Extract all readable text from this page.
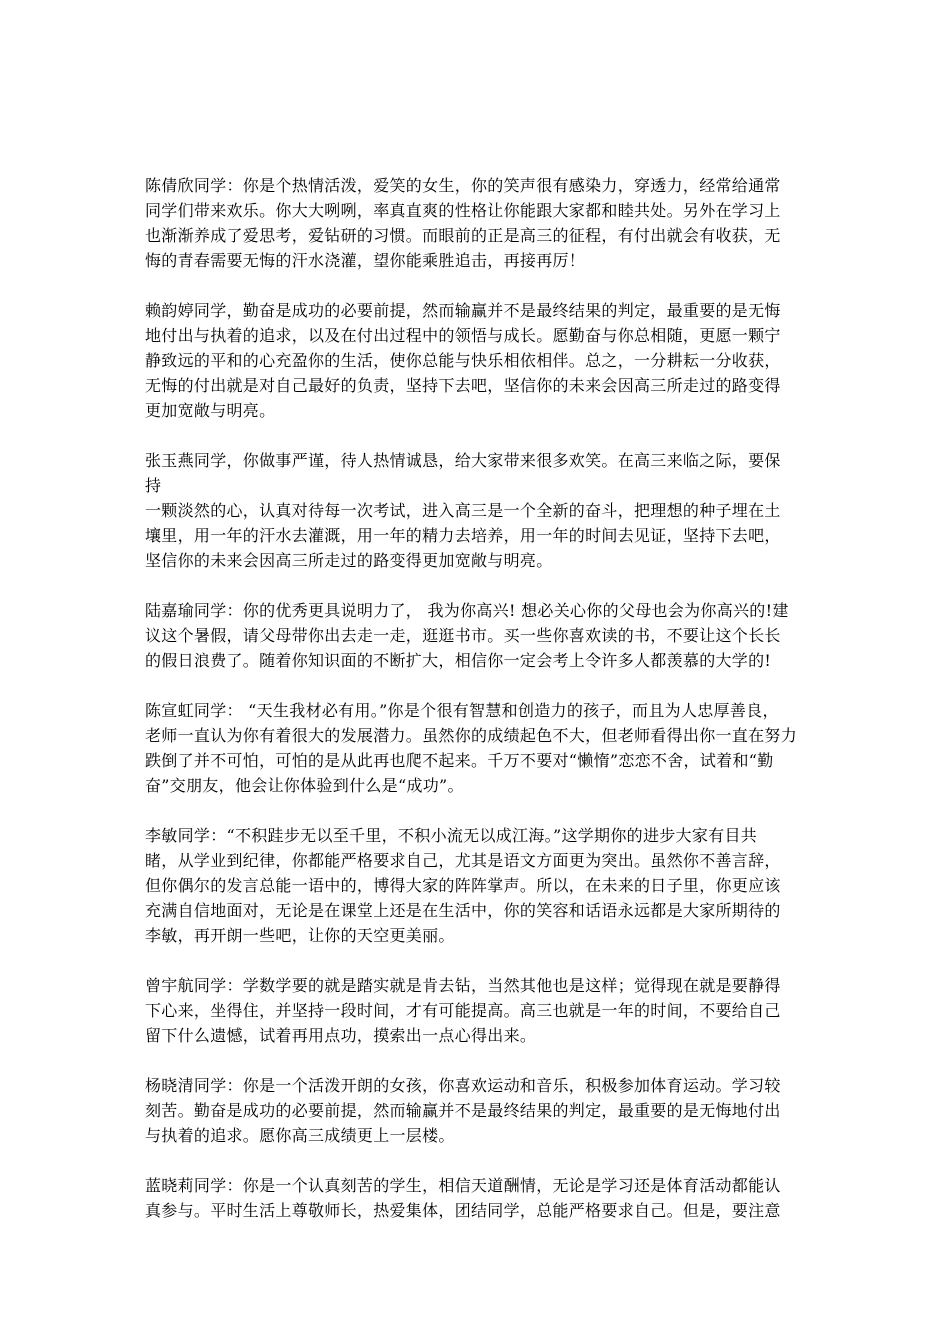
陈倩欣同学：你是个热情活泼，爱笑的女生，你的笑声很有感染力，穿透力，经常给通常
同学们带来欢乐。你大大咧咧，率真直爽的性格让你能跟大家都和睦共处。另外在学习上
也渐渐养成了爱思考，爱钻研的习惯。而眼前的正是高三的征程，有付出就会有收获，无
悔的青春需要无悔的汗水浇灌，望你能乘胜追击，再接再厉！
赖韵婷同学，勤奋是成功的必要前提，然而输赢并不是最终结果的判定，最重要的是无悔
地付出与执着的追求，以及在付出过程中的领悟与成长。愿勤奋与你总相随，更愿一颗宁
静致远的平和的心充盈你的生活，使你总能与快乐相依相伴。总之，一分耕耘一分收获，
无悔的付出就是对自己最好的负责，坚持下去吧，坚信你的未来会因高三所走过的路变得
更加宽敞与明亮。
张玉燕同学，你做事严谨，待人热情诚恳，给大家带来很多欢笑。在高三来临之际，要保
持
一颗淡然的心，认真对待每一次考试，进入高三是一个全新的奋斗，把理想的种子埋在土
壤里，用一年的汗水去灌溉，用一年的精力去培养，用一年的时间去见证，坚持下去吧，
坚信你的未来会因高三所走过的路变得更加宽敞与明亮。
陆嘉瑜同学：你的优秀更具说明力了， 我为你高兴! 想必关心你的父母也会为你高兴的!建
议这个暑假，请父母带你出去走一走，逛逛书市。买一些你喜欢读的书，不要让这个长长
的假日浪费了。随着你知识面的不断扩大，相信你一定会考上令许多人都羡慕的大学的!
陈宣虹同学： “天生我材必有用。”你是个很有智慧和创造力的孩子，而且为人忠厚善良，
老师一直认为你有着很大的发展潜力。虽然你的成绩起色不大，但老师看得出你一直在努力
跌倒了并不可怕，可怕的是从此再也爬不起来。千万不要对“懒惰”恋恋不舍，试着和“勤
奋”交朋友，他会让你体验到什么是“成功”。
李敏同学：“不积跬步无以至千里，不积小流无以成江海。”这学期你的进步大家有目共
睹，从学业到纪律，你都能严格要求自己，尤其是语文方面更为突出。虽然你不善言辞，
但你偶尔的发言总能一语中的，博得大家的阵阵掌声。所以，在未来的日子里，你更应该
充满自信地面对，无论是在课堂上还是在生活中，你的笑容和话语永远都是大家所期待的
李敏，再开朗一些吧，让你的天空更美丽。
曾宇航同学：学数学要的就是踏实就是肯去钻，当然其他也是这样；觉得现在就是要静得
下心来，坐得住，并坚持一段时间，才有可能提高。高三也就是一年的时间，不要给自己
留下什么遗憾，试着再用点功，摸索出一点心得出来。
杨晓清同学：你是一个活泼开朗的女孩，你喜欢运动和音乐，积极参加体育运动。学习较
刻苦。勤奋是成功的必要前提，然而输赢并不是最终结果的判定，最重要的是无悔地付出
与执着的追求。愿你高三成绩更上一层楼。
蓝晓莉同学：你是一个认真刻苦的学生，相信天道酬情，无论是学习还是体育活动都能认
真参与。平时生活上尊敬师长，热爱集体，团结同学，总能严格要求自己。但是，要注意
